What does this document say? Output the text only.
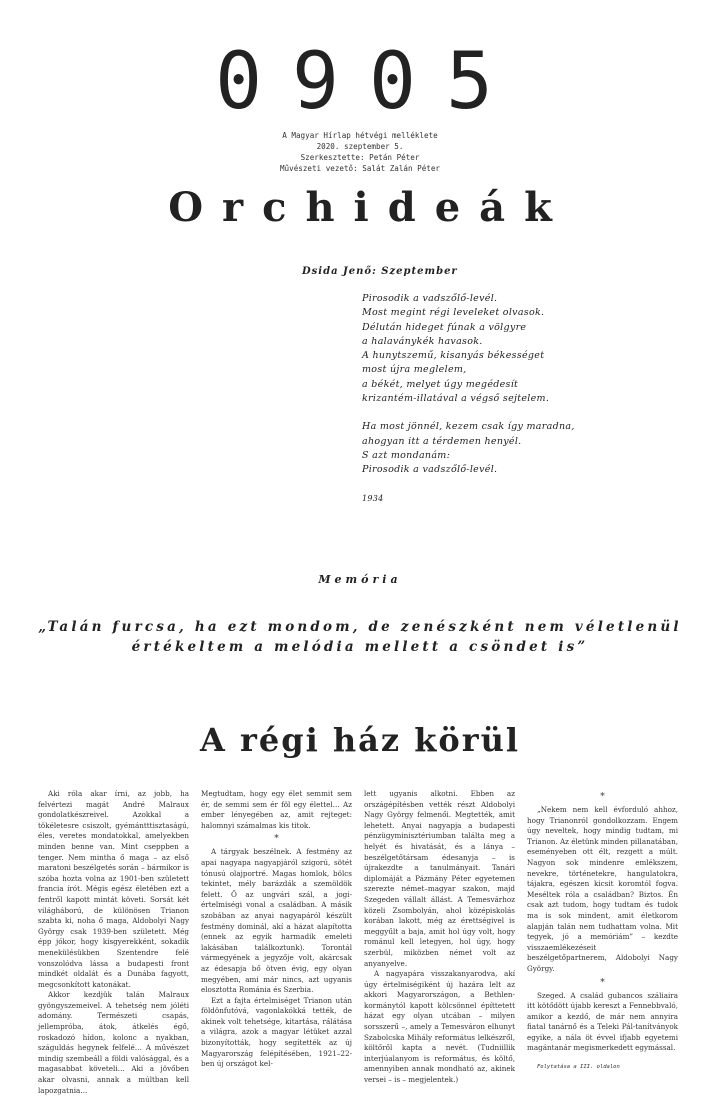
0905
A Magyar Hírlap hétvégi melléklete
2020. szeptember 5.
Szerkesztette: Petán Péter
Művészeti vezető: Salát Zalán Péter
Orchideák
Dsida Jenő: Szeptember
Pirosodik a vadszőlő-levél.
Most megint régi leveleket olvasok.
Délután hideget fúnak a völgyre
a halaványkék havasok.
A hunytszemű, kisanyás békességet
most újra meglelem,
a békét, melyet úgy megédesít
krizantém-illatával a végső sejtelem.
Ha most jönnél, kezem csak így maradna,
ahogyan itt a térdemen henyél.
S azt mondanám:
Pirosodik a vadszőlő-levél.
1934
Memória
„Talán furcsa, ha ezt mondom, de zenészként nem véletlenül értékeltem a melódia mellett a csöndet is”
A régi ház körül

Aki róla akar írni, az jobb, ha felvértezi magát André Malraux gondolatkészreivel. Azokkal a tökéletesre csiszolt, gyémántttisztaságú, éles, veretes mondatokkal, amelyekben minden benne van. Mint cseppben a tenger. Nem mintha ő maga – az első maratoni beszélgetés során – bármikor is szóba hozta volna az 1901-ben született francia írót. Mégis egész életében ezt a fentről kapott mintát követi. Sorsát két világháború, de különösen Trianon szabta ki, noha ő maga, Aldobolyi Nagy György csak 1939-ben született. Még épp jókor, hogy kisgyerekként, sokadik menekülésükben Szentendre felé vonszolódva lássa a budapesti front mindkét oldalát és a Dunába fagyott, megcsonkított katonákat.

Akkor kezdjük talán Malraux gyöngyszemeivel. A tehetség nem jóléti adomány. Természeti csapás, jellempróba, átok, átkelés égő, roskadozó hídon, kolonc a nyakban, száguldás hegynek felfelé… A művészet mindig szembeáll a földi valósággal, és a magasabbat követeli… Aki a jövőben akar olvasni, annak a múltban kell lapozgatnia…

Megtudtam, hogy egy élet semmit sem ér, de semmi sem ér föl egy élettel… Az ember lényegében az, amit rejteget: halomnyi számalmas kis titok.

*

A tárgyak beszélnek. A festmény az apai nagyapa nagyapjáról szigorú, sötét tónusú olajportré. Magas homlok, bölcs tekintet, mély barázdák a szemöldök felett. Ő az ungvári szál, a jogi-értelmiségi vonal a családban. A másik szobában az anyai nagyapáról készült festmény dominál, akí a házat alapította (ennek az egyik harmadik emeleti lakásában találkoztunk). Torontál vármegyének a jegyzője volt, akárcsak az édesapja bő ötven évig, egy olyan megyében, ami már nincs, azt ugyanis elosztotta Románia és Szerbia.

Ezt a fajta értelmiséget Trianon után földönfutóvá, vagonlakókká tették, de akinek volt tehetsége, kitartása, rálátása a világra, azok a magyar létüket azzal bizonyították, hogy segítették az új Magyarország felépítésében, 1921–22-ben új országot kel-

lett ugyanis alkotni. Ebben az országépítésben vették részt Aldobolyi Nagy György felmenői. Megtették, amit lehetett. Anyai nagyapja a budapesti pénzügyminisztériumban találta meg a helyét és hivatását, és a lánya – beszélgetőtársam édesanyja – is újrakezdte a tanulmányait. Tanári diplomáját a Pázmány Péter egyetemen szerezte német–magyar szakon, majd Szegeden vállalt állást. A Temesvárhoz közeli Zsombolyán, ahol középiskolás korában lakott, még az érettségivel is meggyűlt a baja, amit hol úgy volt, hogy románul kell letegyen, hol úgy, hogy szerbül, miközben német volt az anyanyelve.

A nagyapára visszakanyarodva, akí úgy értelmiségiként új hazára lelt az akkori Magyarországon, a Bethlen-kormánytól kapott kölcsönnel építtetett házat egy olyan utcában – milyen sorsszerű –, amely a Temesváron elhunyt Szabolcska Mihály református lelkészről, költőről kapta a nevét. (Tudniillik interjúalanyom is református, és költő, amennyiben annak mondható az, akinek versei – is – megjelentek.)

*

„Nekem nem kell évforduló ahhoz, hogy Trianonról gondolkozzam. Engem úgy neveltek, hogy mindig tudtam, mi Trianon. Az életünk minden pillanatában, eseményeben ott élt, rezgett a múlt. Nagyon sok mindenre emlékszem, nevekre, történetekre, hangulatokra, tájakra, egészen kicsit koromtól fogva. Meséltek róla a családban? Biztos. Én csak azt tudom, hogy tudtam és tudok ma is sok mindent, amit életkorom alapján talán nem tudhattam volna. Mit tegyek, jó a memóriám” – kezdte visszaemlékezéseit beszélgetőpartnerem, Aldobolyi Nagy György.

*

Szeged. A család gubancos száliaira itt kötődött újabb kereszt a Fennebbvaló, amikor a kezdő, de már nem annyira fiatal tanárnő és a Teleki Pál-tanítványok egyike, a nála öt évvel ifjabb egyetemi magántanár megismerkedett egymással.

Folytatása a III. oldalon
